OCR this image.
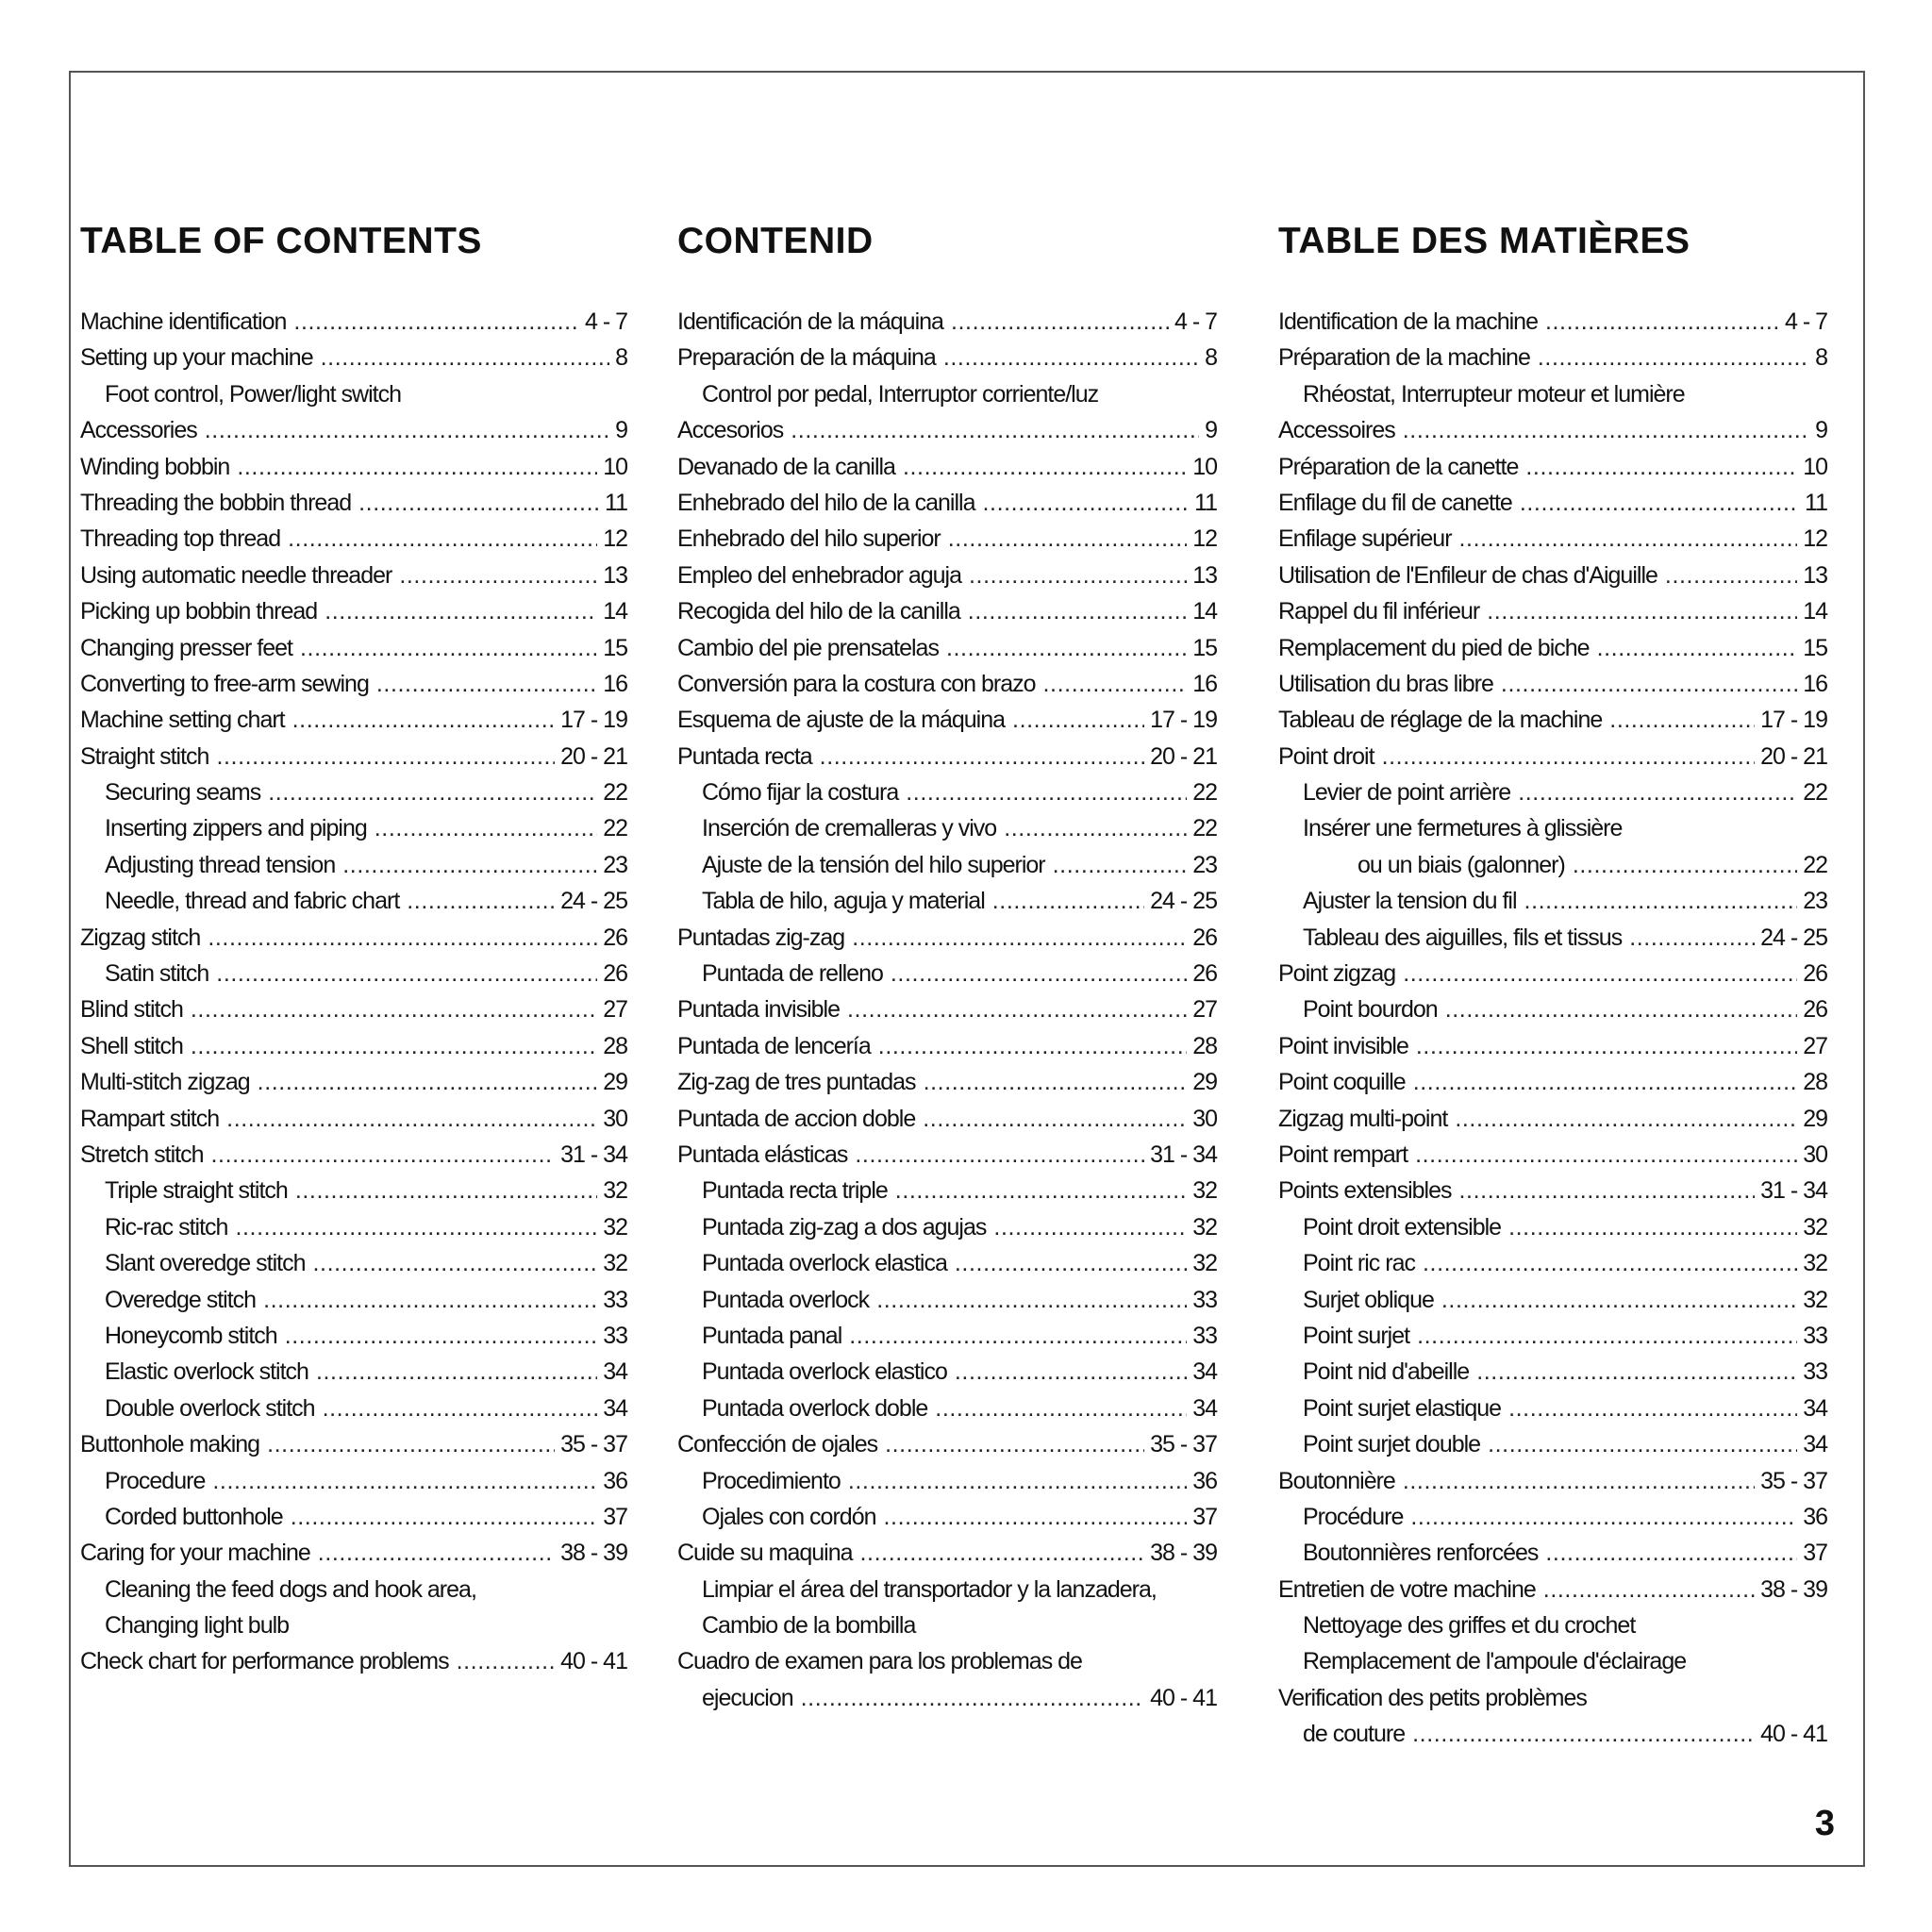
TABLE OF CONTENTS
Machine identification .....	4 - 7
Setting up your machine .....	8
Foot control, Power/light switch
Accessories .....	9
Winding bobbin .....	10
Threading the bobbin thread .....	11
Threading top thread .....	12
Using automatic needle threader .....	13
Picking up bobbin thread .....	14
Changing presser feet .....	15
Converting to free-arm sewing .....	16
Machine setting chart .....	17 - 19
Straight stitch .....	20 - 21
Securing seams .....	22
Inserting zippers and piping .....	22
Adjusting thread tension .....	23
Needle, thread and fabric chart .....	24 - 25
Zigzag stitch .....	26
Satin stitch .....	26
Blind stitch .....	27
Shell stitch .....	28
Multi-stitch zigzag .....	29
Rampart stitch .....	30
Stretch stitch .....	31 - 34
Triple straight stitch .....	32
Ric-rac stitch .....	32
Slant overedge stitch .....	32
Overedge stitch .....	33
Honeycomb stitch .....	33
Elastic overlock stitch .....	34
Double overlock stitch .....	34
Buttonhole making .....	35 - 37
Procedure .....	36
Corded buttonhole .....	37
Caring for your machine .....	38 - 39
Cleaning the feed dogs and hook area,
Changing light bulb
Check chart for performance problems .....	40 - 41
CONTENID
Identificación de la máquina .....	4 - 7
Preparación de la máquina .....	8
Control por pedal, Interruptor corriente/luz
Accesorios .....	9
Devanado de la canilla .....	10
Enhebrado del hilo de la canilla .....	11
Enhebrado del hilo superior .....	12
Empleo del enhebrador aguja .....	13
Recogida del hilo de la canilla .....	14
Cambio del pie prensatelas .....	15
Conversión para la costura con brazo .....	16
Esquema de ajuste de la máquina .....	17 - 19
Puntada recta .....	20 - 21
Cómo fijar la costura .....	22
Inserción de cremalleras y vivo .....	22
Ajuste de la tensión del hilo superior .....	23
Tabla de hilo, aguja y material .....	24 - 25
Puntadas zig-zag .....	26
Puntada de relleno .....	26
Puntada invisible .....	27
Puntada de lencería .....	28
Zig-zag de tres puntadas .....	29
Puntada de accion doble .....	30
Puntada elásticas .....	31 - 34
Puntada recta triple .....	32
Puntada zig-zag a dos agujas .....	32
Puntada overlock elastica .....	32
Puntada overlock .....	33
Puntada panal .....	33
Puntada overlock elastico .....	34
Puntada overlock doble .....	34
Confección de ojales .....	35 - 37
Procedimiento .....	36
Ojales con cordón .....	37
Cuide su maquina .....	38 - 39
Limpiar el área del transportador y la lanzadera,
Cambio de la bombilla
Cuadro de examen para los problemas de
ejecucion .....	40 - 41
TABLE DES MATIÈRES
Identification de la machine .....	4 - 7
Préparation de la machine .....	8
Rhéostat, Interrupteur moteur et lumière
Accessoires .....	9
Préparation de la canette .....	10
Enfilage du fil de canette .....	11
Enfilage supérieur .....	12
Utilisation de l'Enfileur de chas d'Aiguille .....	13
Rappel du fil inférieur .....	14
Remplacement du pied de biche .....	15
Utilisation du bras libre .....	16
Tableau de réglage de la machine .....	17 - 19
Point droit .....	20 - 21
Levier de point arrière .....	22
Insérer une fermetures à glissière
ou un biais (galonner) .....	22
Ajuster la tension du fil .....	23
Tableau des aiguilles, fils et tissus .....	24 - 25
Point zigzag .....	26
Point bourdon .....	26
Point invisible .....	27
Point coquille .....	28
Zigzag multi-point .....	29
Point rempart .....	30
Points extensibles .....	31 - 34
Point droit extensible .....	32
Point ric rac .....	32
Surjet oblique .....	32
Point surjet .....	33
Point nid d'abeille .....	33
Point surjet elastique .....	34
Point surjet double .....	34
Boutonnière .....	35 - 37
Procédure .....	36
Boutonnières renforcées .....	37
Entretien de votre machine .....	38 - 39
Nettoyage des griffes et du crochet
Remplacement de l'ampoule d'éclairage
Verification des petits problèmes
de couture .....	40 - 41
3
